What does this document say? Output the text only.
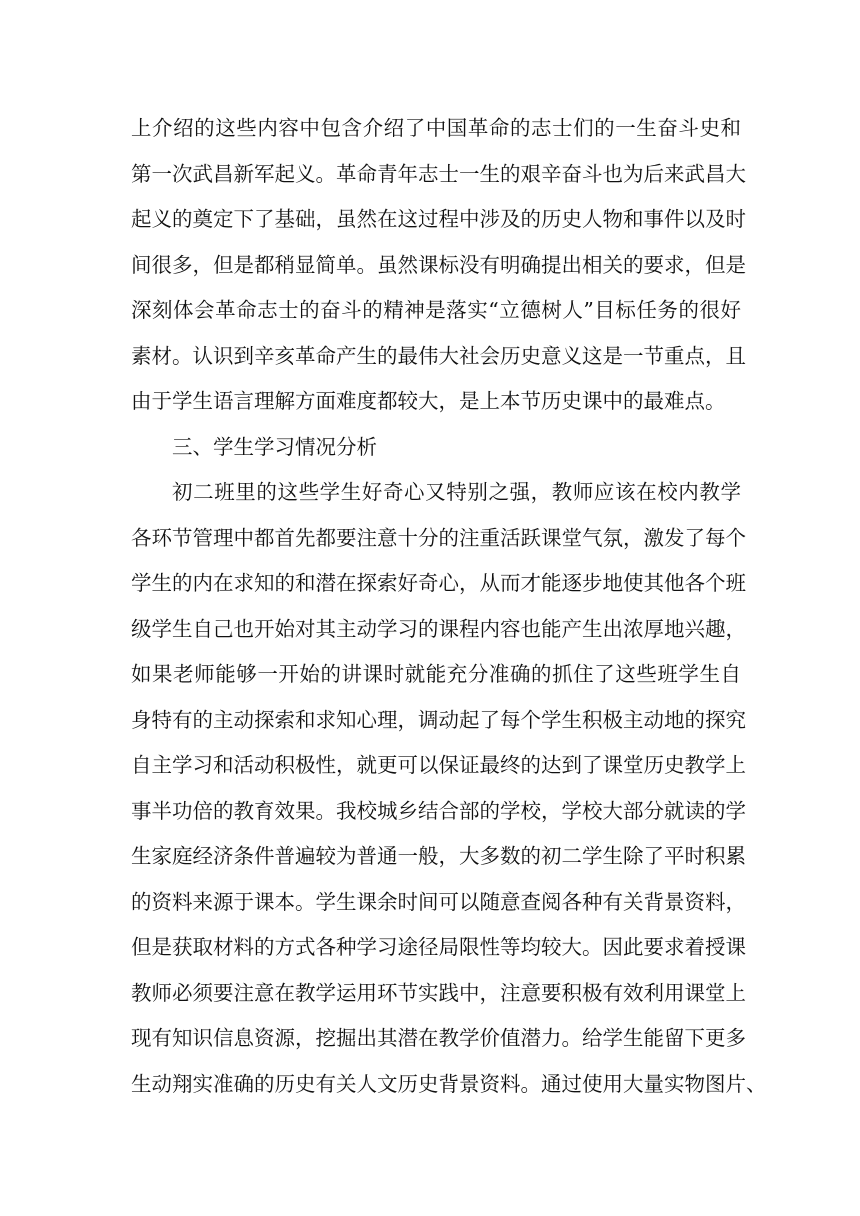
上介绍的这些内容中包含介绍了中国革命的志士们的一生奋斗史和
第一次武昌新军起义。革命青年志士一生的艰辛奋斗也为后来武昌大
起义的奠定下了基础，虽然在这过程中涉及的历史人物和事件以及时
间很多，但是都稍显简单。虽然课标没有明确提出相关的要求，但是
深刻体会革命志士的奋斗的精神是落实“立德树人”目标任务的很好
素材。认识到辛亥革命产生的最伟大社会历史意义这是一节重点，且
由于学生语言理解方面难度都较大，是上本节历史课中的最难点。
三、学生学习情况分析
初二班里的这些学生好奇心又特别之强，教师应该在校内教学
各环节管理中都首先都要注意十分的注重活跃课堂气氛，激发了每个
学生的内在求知的和潜在探索好奇心，从而才能逐步地使其他各个班
级学生自己也开始对其主动学习的课程内容也能产生出浓厚地兴趣，
如果老师能够一开始的讲课时就能充分准确的抓住了这些班学生自
身特有的主动探索和求知心理，调动起了每个学生积极主动地的探究
自主学习和活动积极性，就更可以保证最终的达到了课堂历史教学上
事半功倍的教育效果。我校城乡结合部的学校，学校大部分就读的学
生家庭经济条件普遍较为普通一般，大多数的初二学生除了平时积累
的资料来源于课本。学生课余时间可以随意查阅各种有关背景资料，
但是获取材料的方式各种学习途径局限性等均较大。因此要求着授课
教师必须要注意在教学运用环节实践中，注意要积极有效利用课堂上
现有知识信息资源，挖掘出其潜在教学价值潜力。给学生能留下更多
生动翔实准确的历史有关人文历史背景资料。通过使用大量实物图片、
